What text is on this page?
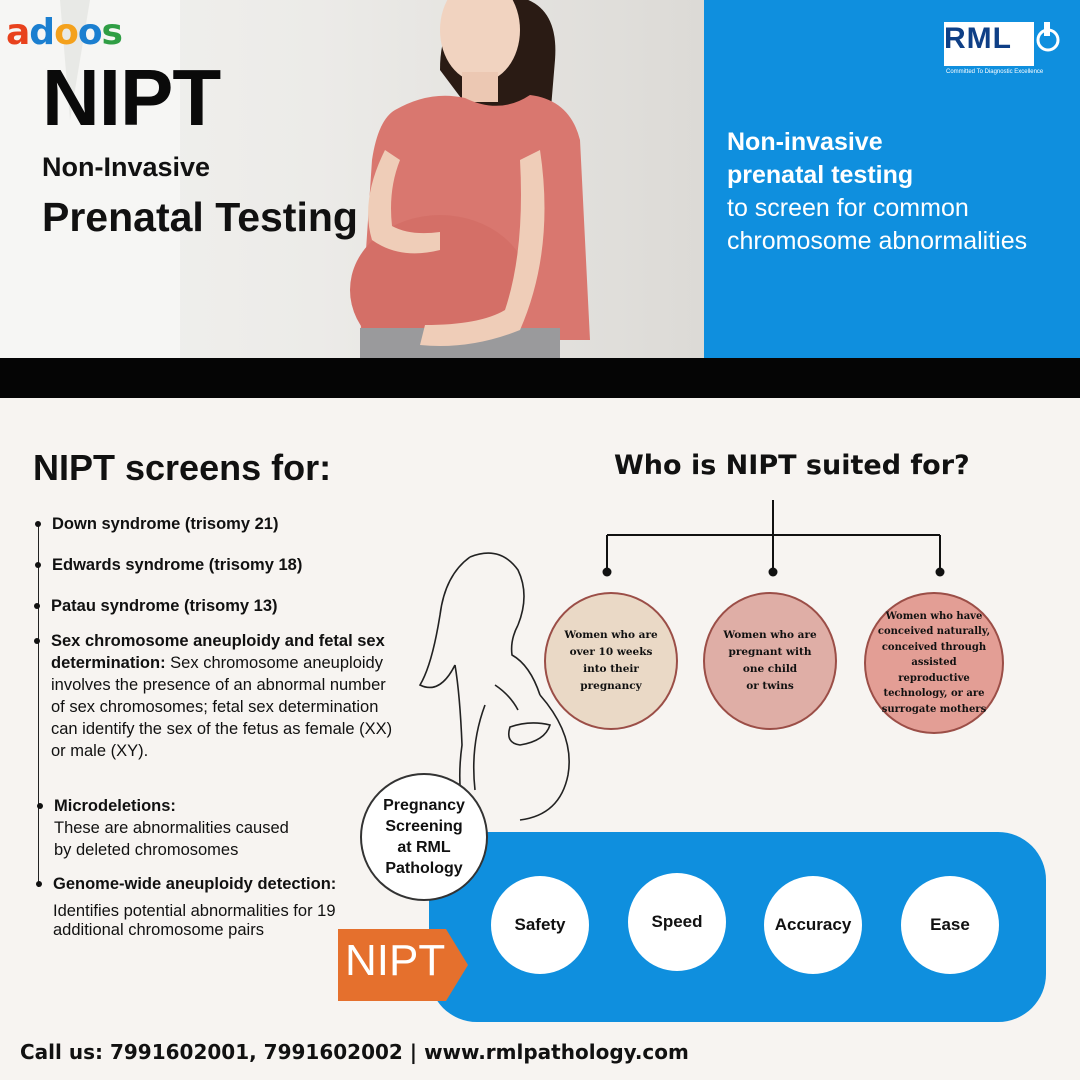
adoos
NIPT
Non-Invasive
Prenatal Testing
RML
Committed To Diagnostic Excellence
Non-invasive
prenatal testing
to screen for common
chromosome abnormalities
NIPT screens for:
Down syndrome (trisomy 21)
Edwards syndrome (trisomy 18)
Patau syndrome (trisomy 13)
Sex chromosome aneuploidy and fetal sex determination: Sex chromosome aneuploidy involves the presence of an abnormal number of sex chromosomes; fetal sex determination can identify the sex of the fetus as female (XX) or male (XY).
Microdeletions:
These are abnormalities caused
by deleted chromosomes
Genome-wide aneuploidy detection:
Identifies potential abnormalities for 19
additional chromosome pairs
Who is NIPT suited for?
Women who are
over 10 weeks
into their
pregnancy
Women who are
pregnant with
one child
or twins
Women who have
conceived naturally,
conceived through
assisted reproductive
technology, or are
surrogate mothers
NIPT
Pregnancy
Screening
at RML
Pathology
Safety	Speed	Accuracy	Ease
Call us: 7991602001, 7991602002 | www.rmlpathology.com
